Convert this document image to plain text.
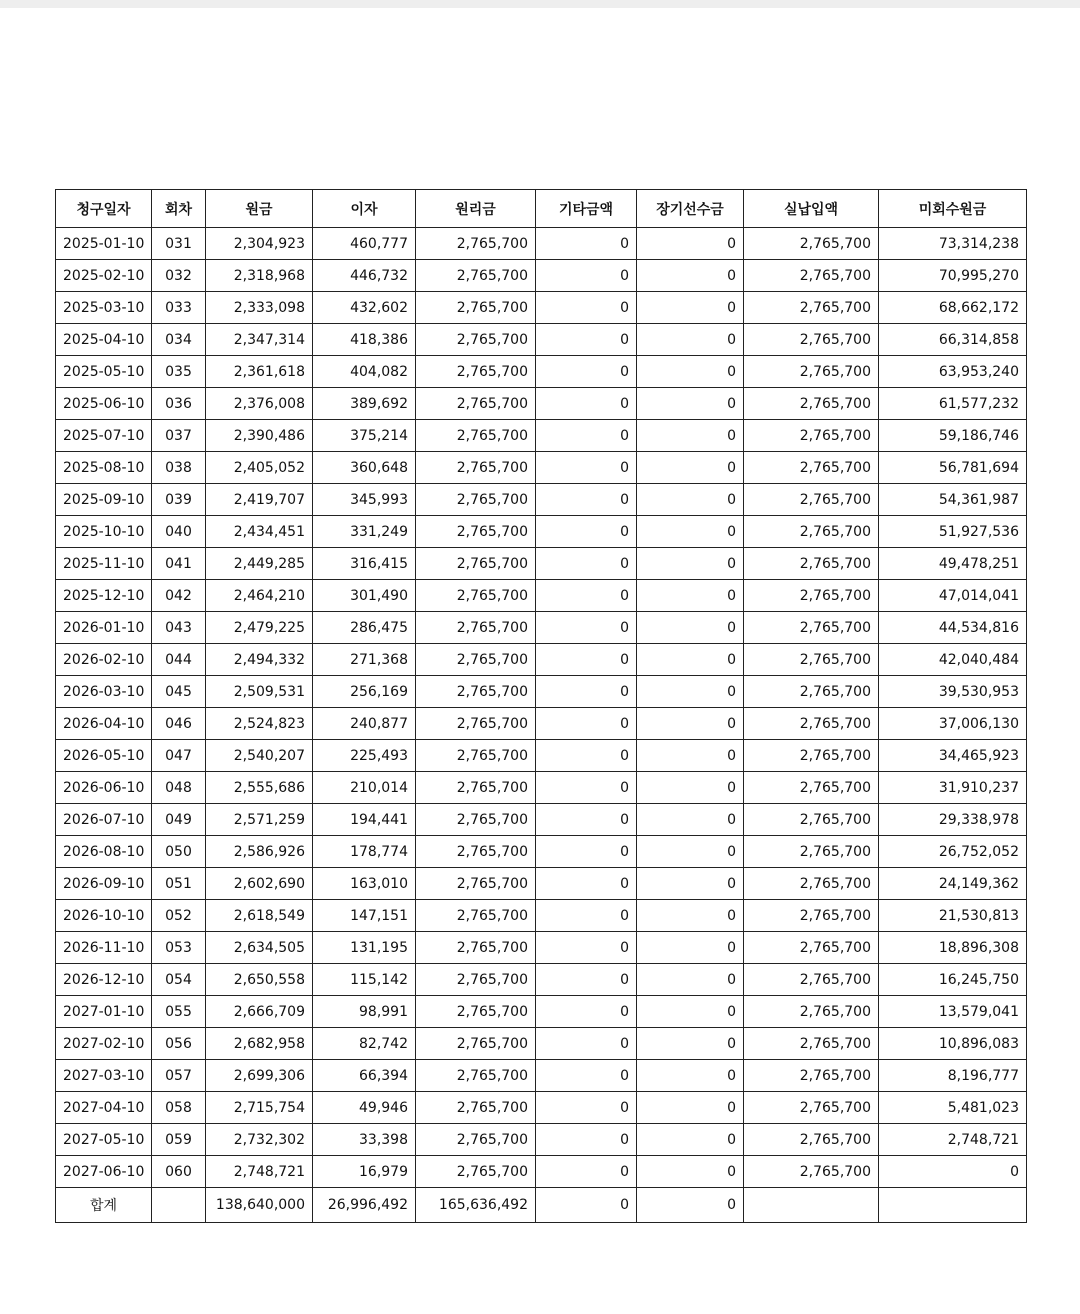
청구일자	회차	원금	이자	원리금	기타금액	장기선수금	실납입액	미회수원금
2025-01-10	031	2,304,923	460,777	2,765,700	0	0	2,765,700	73,314,238
2025-02-10	032	2,318,968	446,732	2,765,700	0	0	2,765,700	70,995,270
2025-03-10	033	2,333,098	432,602	2,765,700	0	0	2,765,700	68,662,172
2025-04-10	034	2,347,314	418,386	2,765,700	0	0	2,765,700	66,314,858
2025-05-10	035	2,361,618	404,082	2,765,700	0	0	2,765,700	63,953,240
2025-06-10	036	2,376,008	389,692	2,765,700	0	0	2,765,700	61,577,232
2025-07-10	037	2,390,486	375,214	2,765,700	0	0	2,765,700	59,186,746
2025-08-10	038	2,405,052	360,648	2,765,700	0	0	2,765,700	56,781,694
2025-09-10	039	2,419,707	345,993	2,765,700	0	0	2,765,700	54,361,987
2025-10-10	040	2,434,451	331,249	2,765,700	0	0	2,765,700	51,927,536
2025-11-10	041	2,449,285	316,415	2,765,700	0	0	2,765,700	49,478,251
2025-12-10	042	2,464,210	301,490	2,765,700	0	0	2,765,700	47,014,041
2026-01-10	043	2,479,225	286,475	2,765,700	0	0	2,765,700	44,534,816
2026-02-10	044	2,494,332	271,368	2,765,700	0	0	2,765,700	42,040,484
2026-03-10	045	2,509,531	256,169	2,765,700	0	0	2,765,700	39,530,953
2026-04-10	046	2,524,823	240,877	2,765,700	0	0	2,765,700	37,006,130
2026-05-10	047	2,540,207	225,493	2,765,700	0	0	2,765,700	34,465,923
2026-06-10	048	2,555,686	210,014	2,765,700	0	0	2,765,700	31,910,237
2026-07-10	049	2,571,259	194,441	2,765,700	0	0	2,765,700	29,338,978
2026-08-10	050	2,586,926	178,774	2,765,700	0	0	2,765,700	26,752,052
2026-09-10	051	2,602,690	163,010	2,765,700	0	0	2,765,700	24,149,362
2026-10-10	052	2,618,549	147,151	2,765,700	0	0	2,765,700	21,530,813
2026-11-10	053	2,634,505	131,195	2,765,700	0	0	2,765,700	18,896,308
2026-12-10	054	2,650,558	115,142	2,765,700	0	0	2,765,700	16,245,750
2027-01-10	055	2,666,709	98,991	2,765,700	0	0	2,765,700	13,579,041
2027-02-10	056	2,682,958	82,742	2,765,700	0	0	2,765,700	10,896,083
2027-03-10	057	2,699,306	66,394	2,765,700	0	0	2,765,700	8,196,777
2027-04-10	058	2,715,754	49,946	2,765,700	0	0	2,765,700	5,481,023
2027-05-10	059	2,732,302	33,398	2,765,700	0	0	2,765,700	2,748,721
2027-06-10	060	2,748,721	16,979	2,765,700	0	0	2,765,700	0
합계		138,640,000	26,996,492	165,636,492	0	0		
